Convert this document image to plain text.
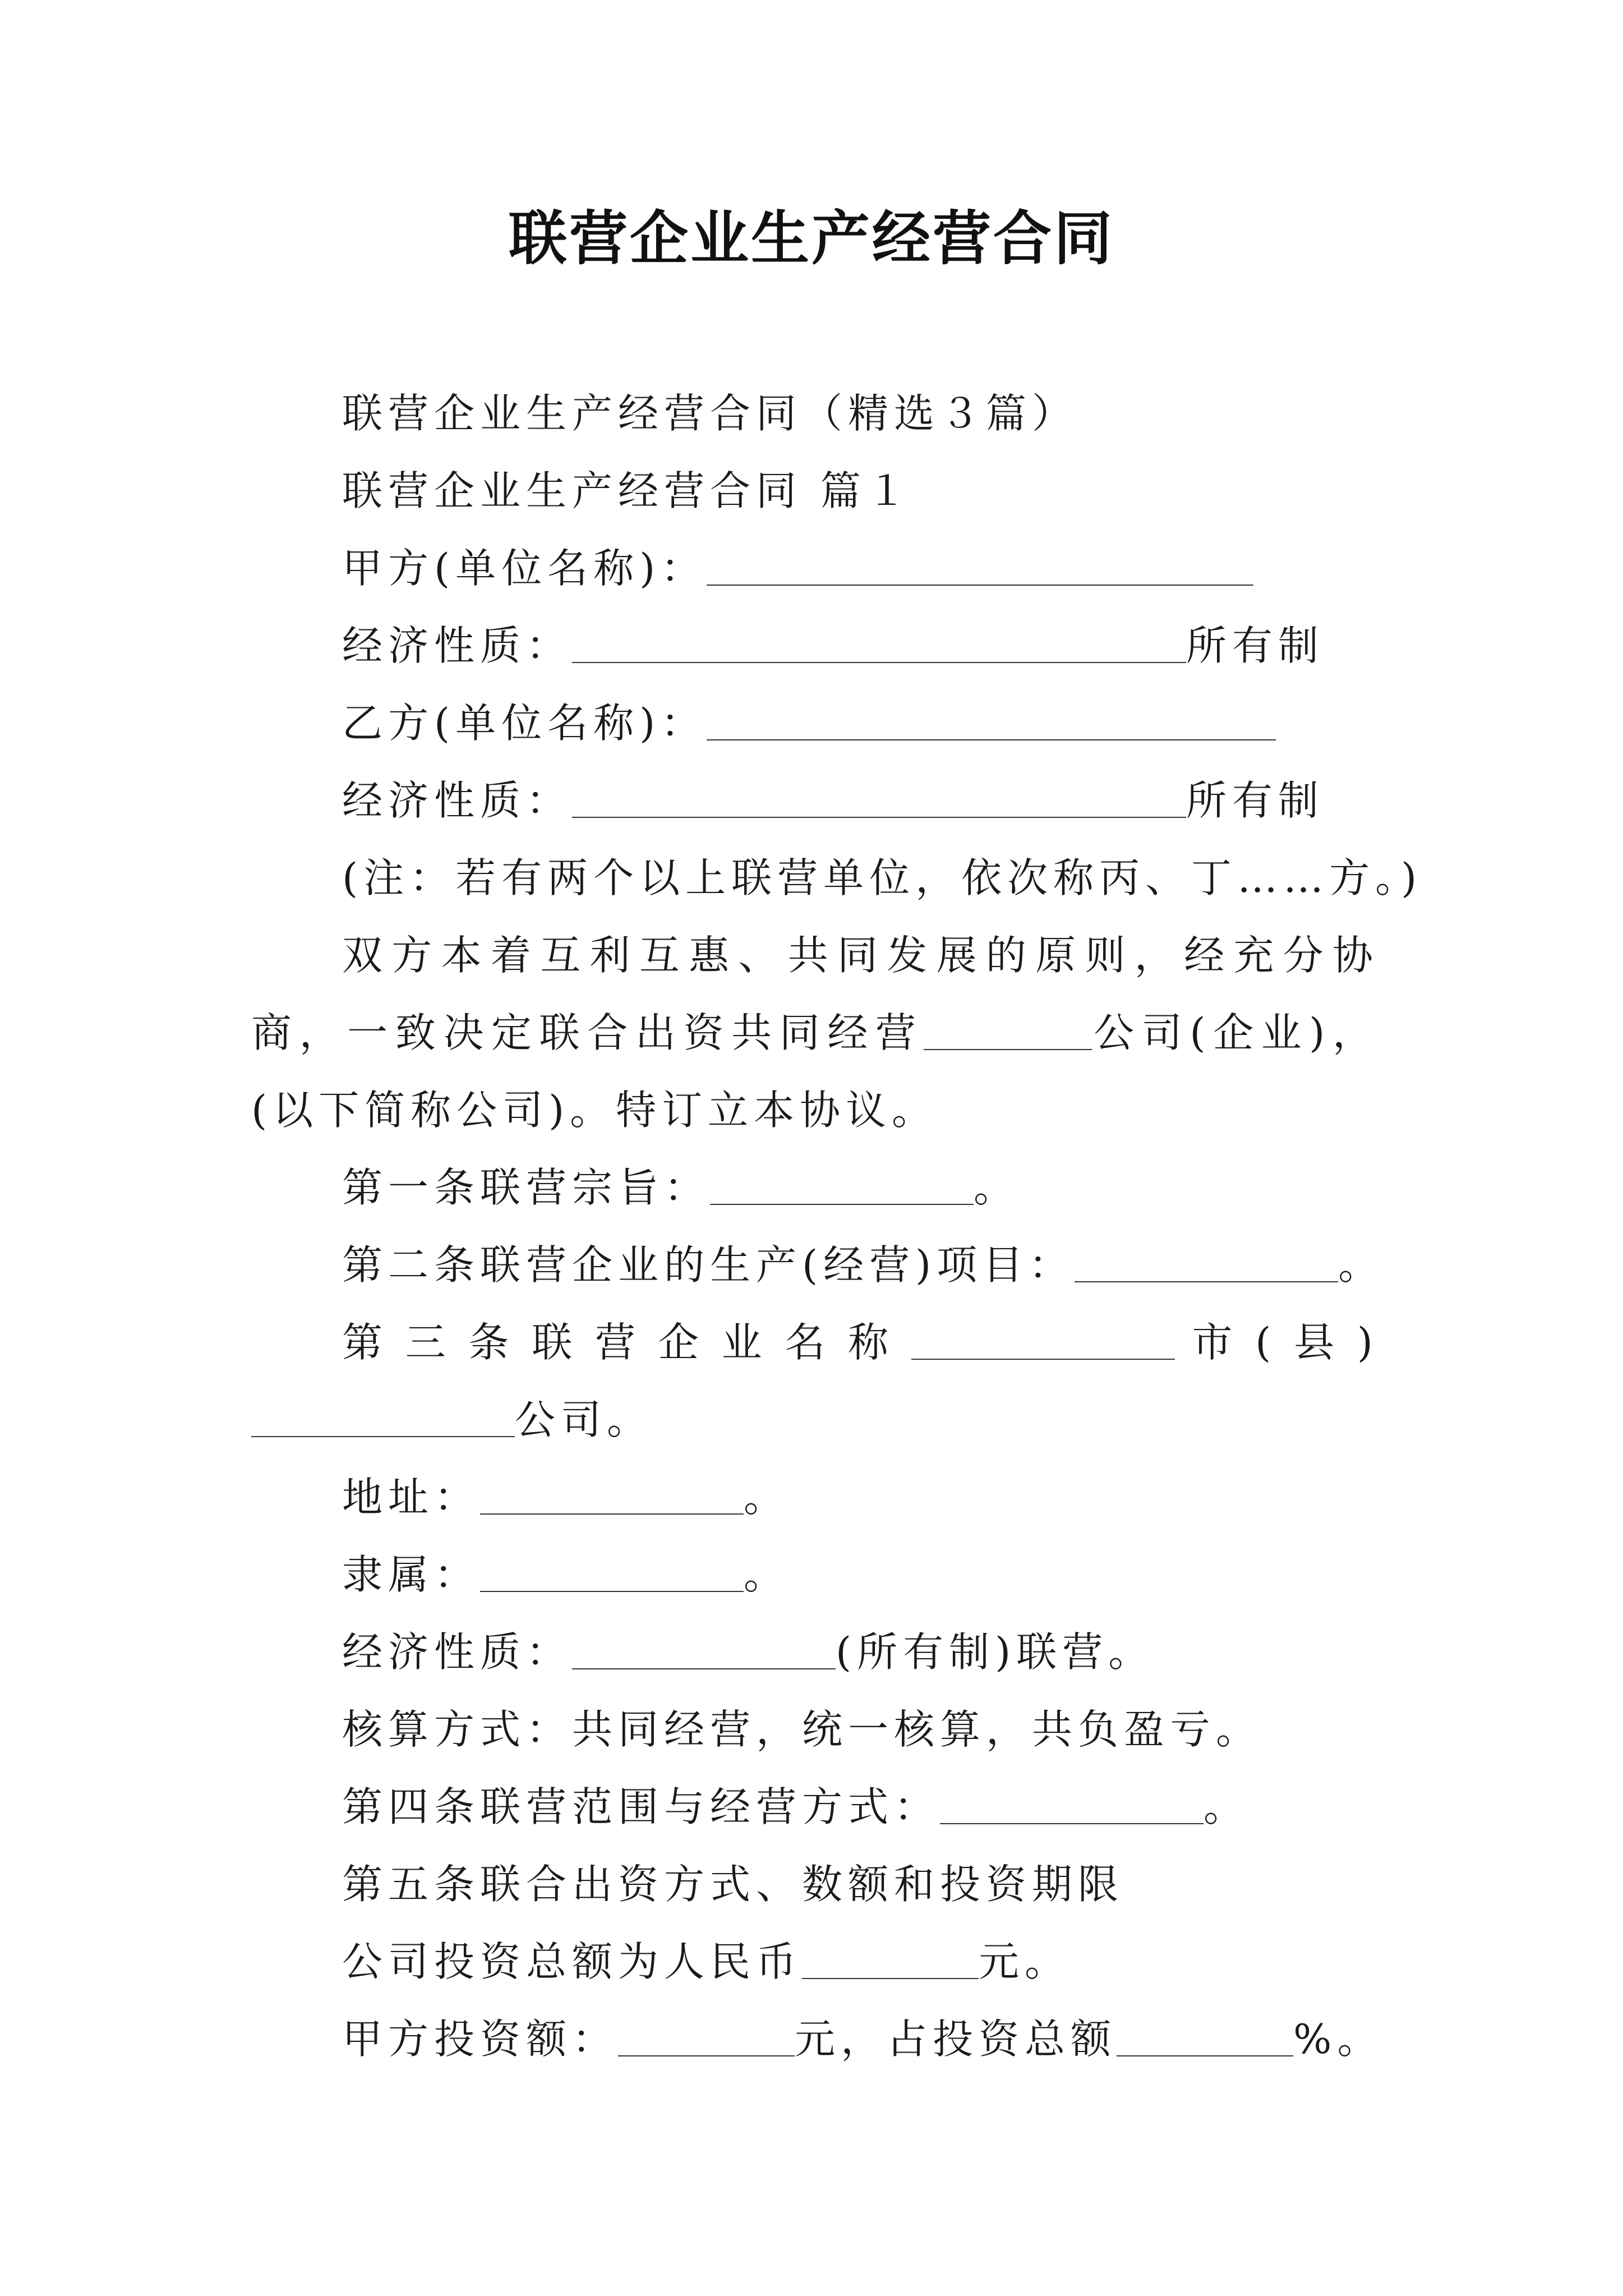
联营企业生产经营合同

联营企业生产经营合同（精选３篇）

联营企业生产经营合同 篇１

甲方(单位名称)：

经济性质：	所有制

乙方(单位名称)：

经济性质：	所有制

(注：若有两个以上联营单位，依次称丙、丁……方。)

双方本着互利互惠、共同发展的原则，经充分协商，一致决定联合出资共同经营	公司(企业)，(以下简称公司)。特订立本协议。

第一条联营宗旨：	。

第二条联营企业的生产(经营)项目：	。

第三条联营企业名称	市(县)公司。

地址：	。

隶属：	。

经济性质：	(所有制)联营。

核算方式：共同经营，统一核算，共负盈亏。

第四条联营范围与经营方式：	。

第五条联合出资方式、数额和投资期限

公司投资总额为人民币	元。

甲方投资额：	元，占投资总额	%。
